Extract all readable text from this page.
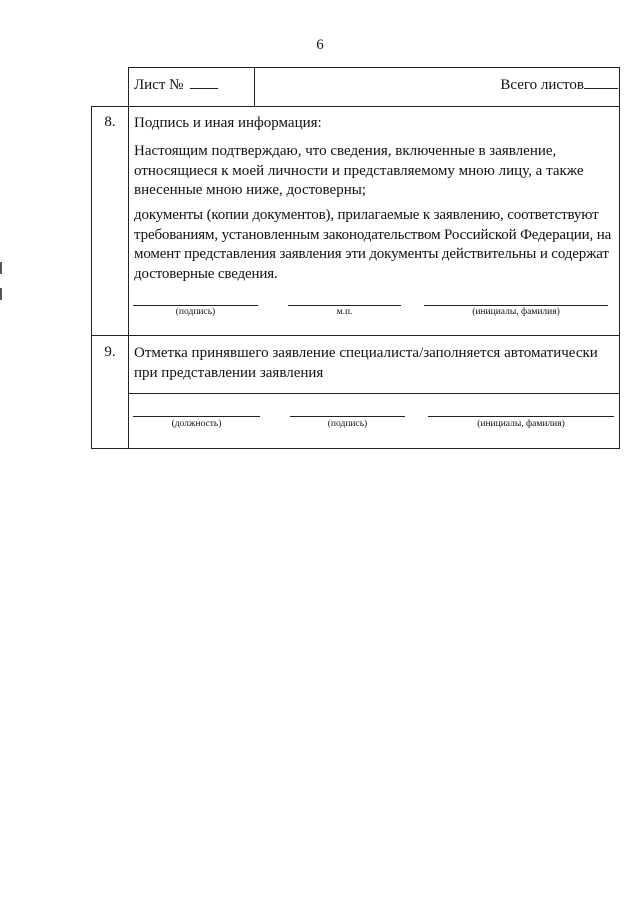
6
Лист №	Всего листов
8.	Подпись и иная информация:
Настоящим подтверждаю, что сведения, включенные в заявление, относящиеся к моей личности и представляемому мною лицу, а также внесенные мною ниже, достоверны;
документы (копии документов), прилагаемые к заявлению, соответствуют требованиям, установленным законодательством Российской Федерации, на момент представления заявления эти документы действительны и содержат достоверные сведения.
(подпись)	м.п.	(инициалы, фамилия)
9.	Отметка принявшего заявление специалиста/заполняется автоматически при представлении заявления
(должность)	(подпись)	(инициалы, фамилия)
